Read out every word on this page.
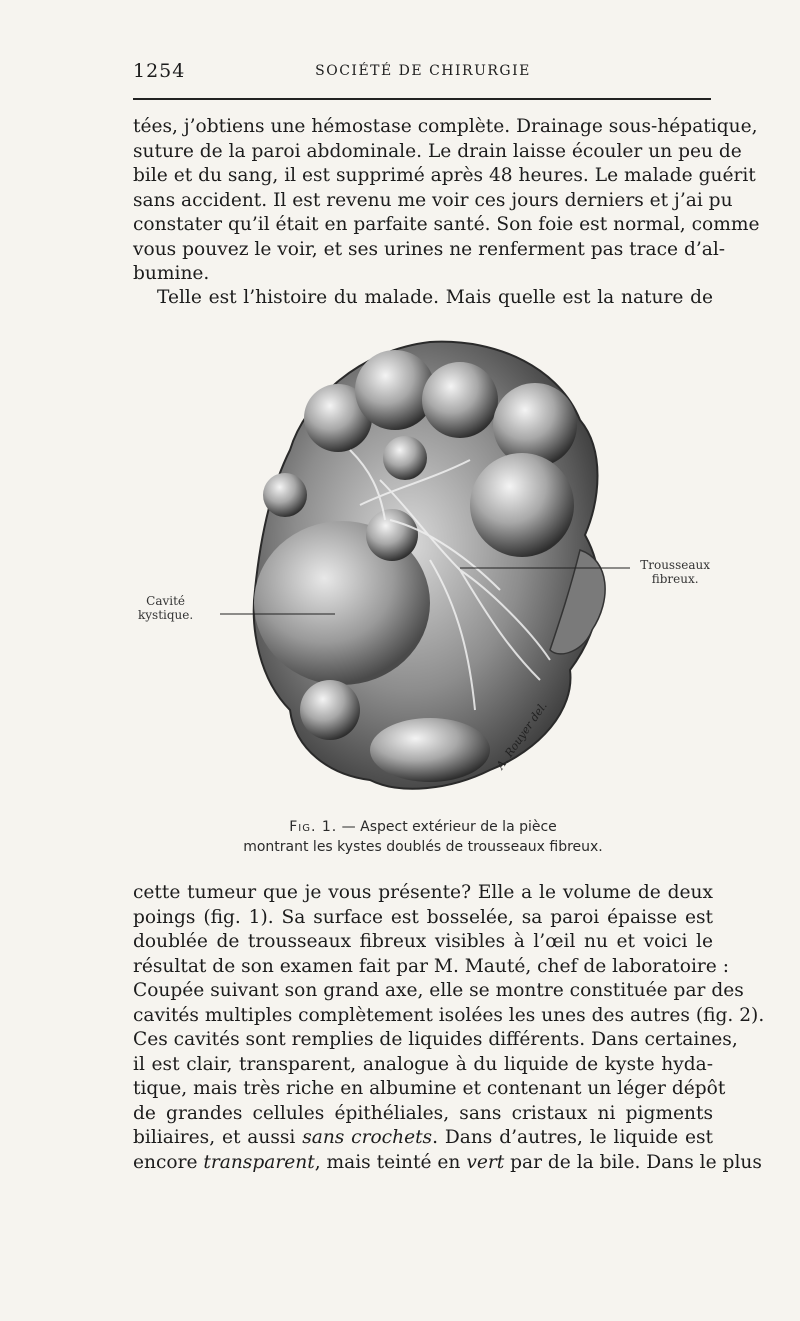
1254	SOCIÉTÉ DE CHIRURGIE
tées, j’obtiens une hémostase complète. Drainage sous-hépatique,
suture de la paroi abdominale. Le drain laisse écouler un peu de
bile et du sang, il est supprimé après 48 heures. Le malade guérit
sans accident. Il est revenu me voir ces jours derniers et j’ai pu
constater qu’il était en parfaite santé. Son foie est normal, comme
vous pouvez le voir, et ses urines ne renferment pas trace d’al-
bumine.
Telle est l’histoire du malade. Mais quelle est la nature de
A. Rouyer del.
Cavité
kystique.
Trousseaux
fibreux.
Fig. 1. — Aspect extérieur de la pièce
montrant les kystes doublés de trousseaux fibreux.
cette tumeur que je vous présente? Elle a le volume de deux
poings (fig. 1). Sa surface est bosselée, sa paroi épaisse est
doublée de trousseaux fibreux visibles à l’œil nu et voici le
résultat de son examen fait par M. Mauté, chef de laboratoire :
Coupée suivant son grand axe, elle se montre constituée par des
cavités multiples complètement isolées les unes des autres (fig. 2).
Ces cavités sont remplies de liquides différents. Dans certaines,
il est clair, transparent, analogue à du liquide de kyste hyda-
tique, mais très riche en albumine et contenant un léger dépôt
de grandes cellules épithéliales, sans cristaux ni pigments
biliaires, et aussi sans crochets. Dans d’autres, le liquide est
encore transparent, mais teinté en vert par de la bile. Dans le plus
